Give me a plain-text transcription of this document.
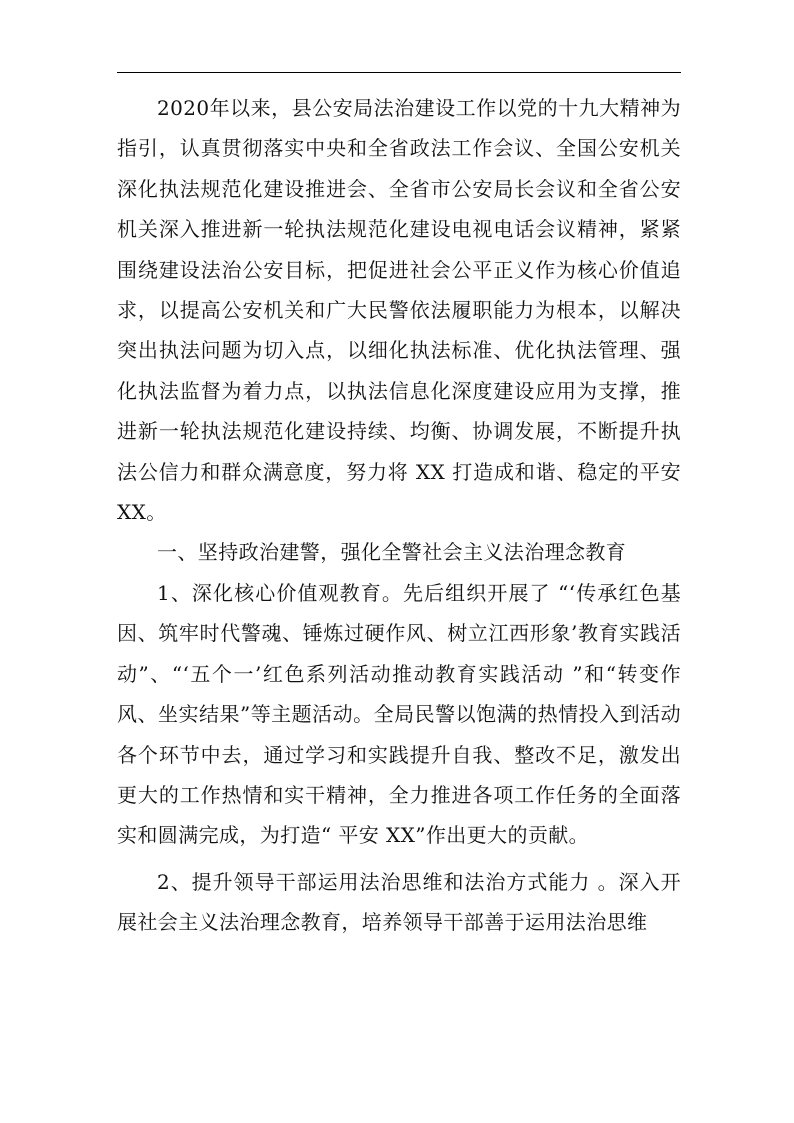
2020年以来，县公安局法治建设工作以党的十九大精神为指引，认真贯彻落实中央和全省政法工作会议、全国公安机关深化执法规范化建设推进会、全省市公安局长会议和全省公安机关深入推进新一轮执法规范化建设电视电话会议精神，紧紧围绕建设法治公安目标，把促进社会公平正义作为核心价值追求，以提高公安机关和广大民警依法履职能力为根本，以解决突出执法问题为切入点，以细化执法标准、优化执法管理、强化执法监督为着力点，以执法信息化深度建设应用为支撑，推进新一轮执法规范化建设持续、均衡、协调发展，不断提升执法公信力和群众满意度，努力将 XX 打造成和谐、稳定的平安 XX。

一、坚持政治建警，强化全警社会主义法治理念教育

1、深化核心价值观教育。先后组织开展了 “‘传承红色基因、筑牢时代警魂、锤炼过硬作风、树立江西形象’教育实践活动”、“‘五个一’红色系列活动推动教育实践活动 ”和“转变作风、坐实结果”等主题活动。全局民警以饱满的热情投入到活动各个环节中去，通过学习和实践提升自我、整改不足，激发出更大的工作热情和实干精神，全力推进各项工作任务的全面落实和圆满完成，为打造“ 平安 XX”作出更大的贡献。

2、提升领导干部运用法治思维和法治方式能力 。深入开展社会主义法治理念教育，培养领导干部善于运用法治思维
